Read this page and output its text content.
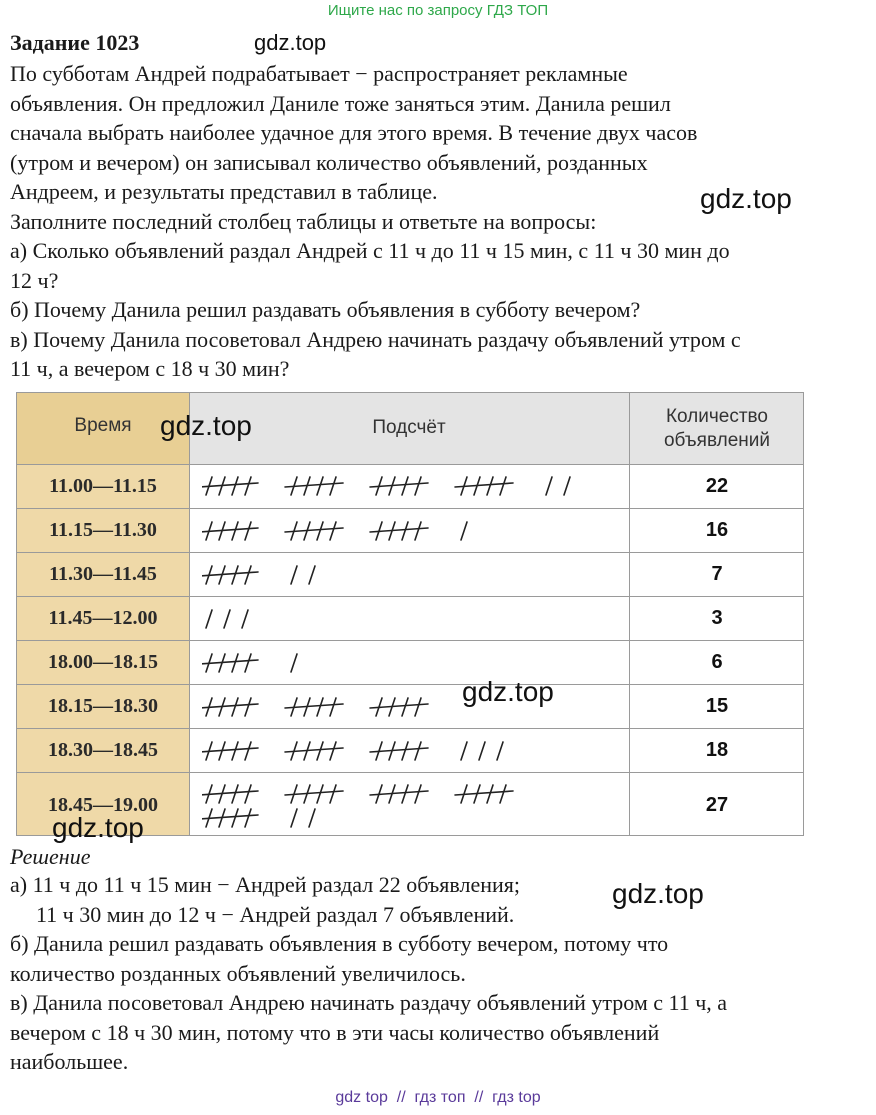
Ищите нас по запросу ГДЗ ТОП
Задание 1023	gdz.top

По субботам Андрей подрабатывает − распространяет рекламные

объявления. Он предложил Даниле тоже заняться этим. Данила решил

сначала выбрать наиболее удачное для этого время. В течение двух часов

(утром и вечером) он записывал количество объявлений, розданных

Андреем, и результаты представил в таблице.

Заполните последний столбец таблицы и ответьте на вопросы:

а) Сколько объявлений раздал Андрей с 11 ч до 11 ч 15 мин, с 11 ч 30 мин до

12 ч?

б) Почему Данила решил раздавать объявления в субботу вечером?

в) Почему Данила посоветовал Андрею начинать раздачу объявлений утром с

11 ч, а вечером с 18 ч 30 мин?

gdz.top
Время	Подсчёт
Количество
объявлений
11.00—11.15	22
11.15—11.30	16
11.30—11.45	7
11.45—12.00	3
18.00—18.15	6
18.15—18.30	15
18.30—18.45	18
18.45—19.00	27
gdz.top
gdz.top
gdz.top

Решение

а) 11 ч до 11 ч 15 мин − Андрей раздал 22 объявления;

11 ч 30 мин до 12 ч − Андрей раздал 7 объявлений.

б) Данила решил раздавать объявления в субботу вечером, потому что

количество розданных объявлений увеличилось.

в) Данила посоветовал Андрею начинать раздачу объявлений утром с 11 ч, а

вечером с 18 ч 30 мин, потому что в эти часы количество объявлений

наибольшее.

gdz.top
gdz top  //  гдз топ  //  гдз top
